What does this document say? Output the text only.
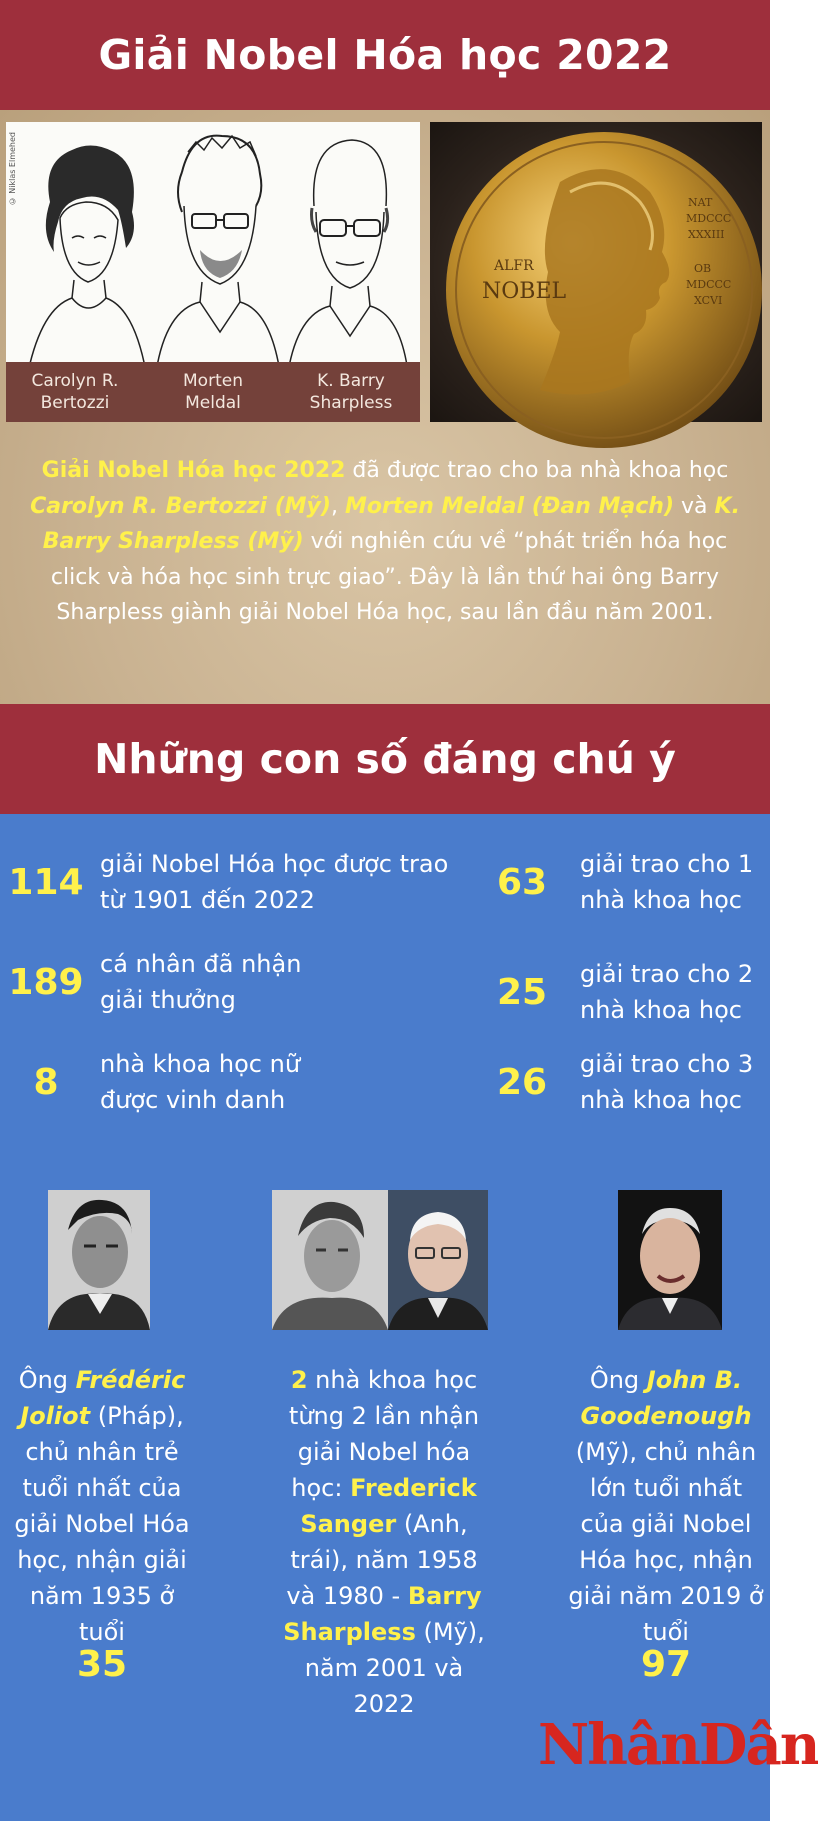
Giải Nobel Hóa học 2022
© Niklas Elmehed
Carolyn R.
Bertozzi
Morten
Meldal
K. Barry
Sharpless
ALFR
NOBEL
NAT
MDCCC
XXXIII
OB
MDCCC
XCVI
Giải Nobel Hóa học 2022 đã được trao cho ba nhà khoa học Carolyn R. Bertozzi (Mỹ), Morten Meldal (Đan Mạch) và K. Barry Sharpless (Mỹ) với nghiên cứu về “phát triển hóa học click và hóa học sinh trực giao”. Đây là lần thứ hai ông Barry Sharpless giành giải Nobel Hóa học, sau lần đầu năm 2001.
Những con số đáng chú ý
114 giải Nobel Hóa học được trao
từ 1901 đến 2022
189 cá nhân đã nhận
giải thưởng
8	nhà khoa học nữ
được vinh danh
63	giải trao cho 1
nhà khoa học
25	giải trao cho 2
nhà khoa học
26	giải trao cho 3
nhà khoa học
Ông Frédéric Joliot (Pháp), chủ nhân trẻ tuổi nhất của giải Nobel Hóa học, nhận giải năm 1935 ở tuổi
35
2 nhà khoa học từng 2 lần nhận giải Nobel hóa học: Frederick Sanger (Anh, trái), năm 1958 và 1980 - Barry Sharpless (Mỹ), năm 2001 và 2022
Ông John B. Goodenough (Mỹ), chủ nhân lớn tuổi nhất của giải Nobel Hóa học, nhận giải năm 2019 ở tuổi
97
NhânDân
